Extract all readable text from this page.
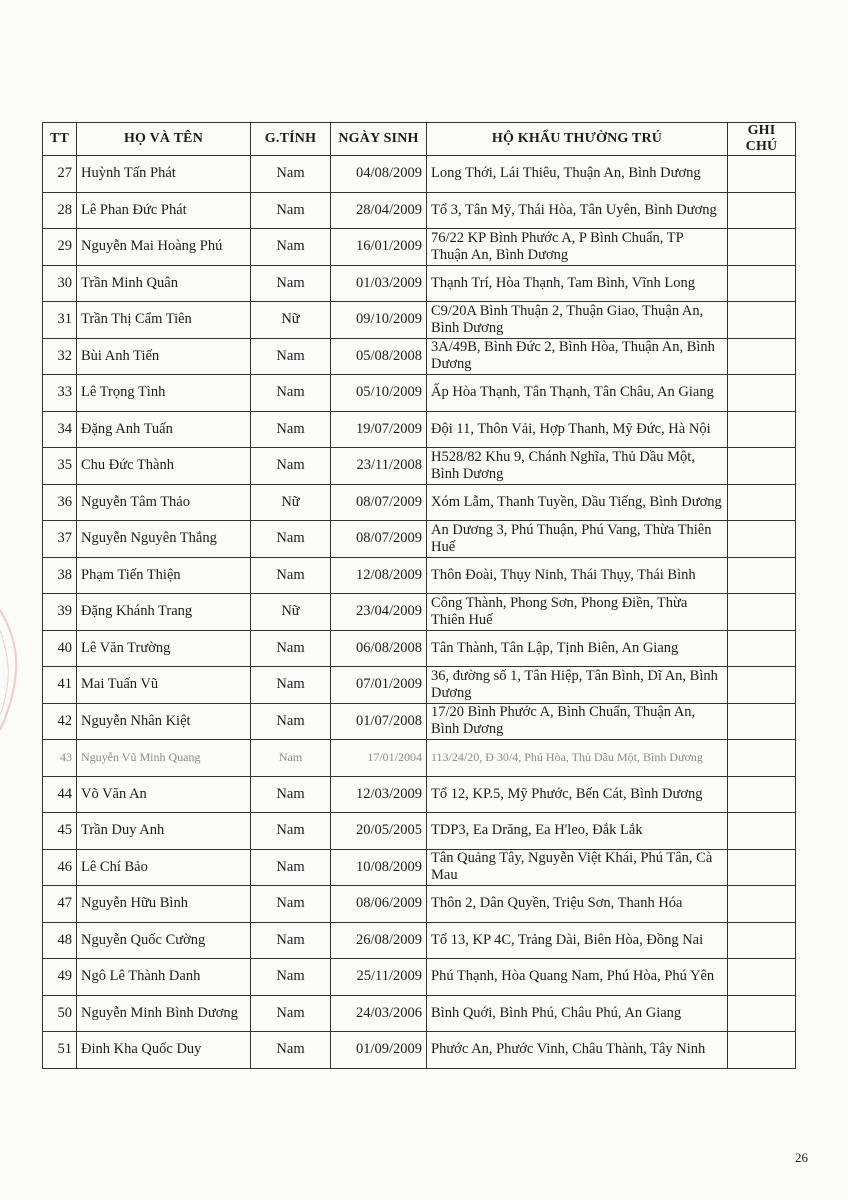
TT	HỌ VÀ TÊN	G.TÍNH	NGÀY SINH	HỘ KHẨU THƯỜNG TRÚ	GHI CHÚ
27	Huỳnh Tấn Phát	Nam	04/08/2009	Long Thới, Lái Thiêu, Thuận An, Bình Dương	
28	Lê Phan Đức Phát	Nam	28/04/2009	Tổ 3, Tân Mỹ, Thái Hòa, Tân Uyên, Bình Dương	
29	Nguyễn Mai Hoàng Phú	Nam	16/01/2009	76/22 KP Bình Phước A, P Bình Chuẩn, TP Thuận An, Bình Dương	
30	Trần Minh Quân	Nam	01/03/2009	Thạnh Trí, Hòa Thạnh, Tam Bình, Vĩnh Long	
31	Trần Thị Cẩm Tiên	Nữ	09/10/2009	C9/20A Bình Thuận 2, Thuận Giao, Thuận An, Bình Dương	
32	Bùi Anh Tiến	Nam	05/08/2008	3A/49B, Bình Đức 2, Bình Hòa, Thuận An, Bình Dương	
33	Lê Trọng Tình	Nam	05/10/2009	Ấp Hòa Thạnh, Tân Thạnh, Tân Châu, An Giang	
34	Đặng Anh Tuấn	Nam	19/07/2009	Đội 11, Thôn Vải, Hợp Thanh, Mỹ Đức, Hà Nội	
35	Chu Đức Thành	Nam	23/11/2008	H528/82 Khu 9, Chánh Nghĩa, Thủ Dầu Một, Bình Dương	
36	Nguyễn Tâm Thảo	Nữ	08/07/2009	Xóm Lẫm, Thanh Tuyền, Dầu Tiếng, Bình Dương	
37	Nguyễn Nguyên Thắng	Nam	08/07/2009	An Dương 3, Phú Thuận, Phú Vang, Thừa Thiên Huế	
38	Phạm Tiến Thiện	Nam	12/08/2009	Thôn Đoài, Thụy Ninh, Thái Thụy, Thái Bình	
39	Đặng Khánh Trang	Nữ	23/04/2009	Công Thành, Phong Sơn, Phong Điền, Thừa Thiên Huế	
40	Lê Văn Trường	Nam	06/08/2008	Tân Thành, Tân Lập, Tịnh Biên, An Giang	
41	Mai Tuấn Vũ	Nam	07/01/2009	36, đường số 1, Tân Hiệp, Tân Bình, Dĩ An, Bình Dương	
42	Nguyễn Nhân Kiệt	Nam	01/07/2008	17/20 Bình Phước A, Bình Chuẩn, Thuận An, Bình Dương	
43	Nguyễn Vũ Minh Quang	Nam	17/01/2004	113/24/20, Đ 30/4, Phú Hòa, Thủ Dầu Một, Bình Dương	
44	Võ Văn An	Nam	12/03/2009	Tổ 12, KP.5, Mỹ Phước, Bến Cát, Bình Dương	
45	Trần Duy Anh	Nam	20/05/2005	TDP3, Ea Drăng, Ea H'leo, Đắk Lắk	
46	Lê Chí Bảo	Nam	10/08/2009	Tân Quảng Tây, Nguyễn Việt Khái, Phú Tân, Cà Mau	
47	Nguyễn Hữu Bình	Nam	08/06/2009	Thôn 2, Dân Quyền, Triệu Sơn, Thanh Hóa	
48	Nguyễn Quốc Cường	Nam	26/08/2009	Tổ 13, KP 4C, Trảng Dài, Biên Hòa, Đồng Nai	
49	Ngô Lê Thành Danh	Nam	25/11/2009	Phú Thạnh, Hòa Quang Nam, Phú Hòa, Phú Yên	
50	Nguyễn Minh Bình Dương	Nam	24/03/2006	Bình Quới, Bình Phú, Châu Phú, An Giang	
51	Đinh Kha Quốc Duy	Nam	01/09/2009	Phước An, Phước Vinh, Châu Thành, Tây Ninh	
26
